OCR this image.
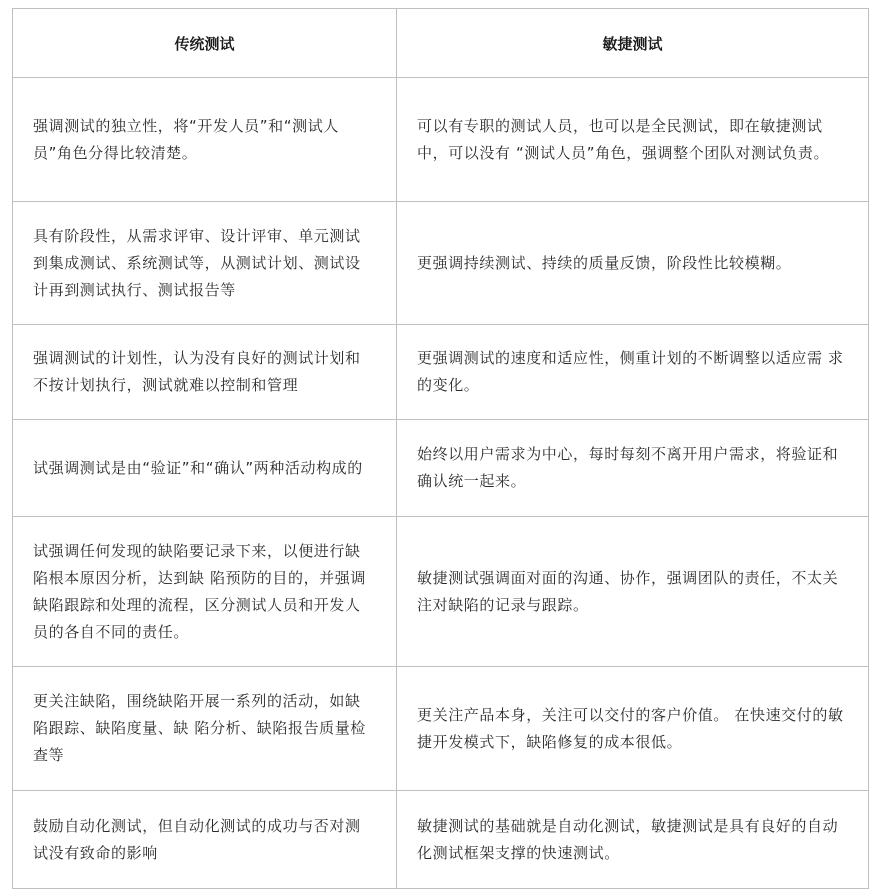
传统测试	敏捷测试
强调测试的独立性，将“开发人员”和“测试人员”角色分得比较清楚。	可以有专职的测试人员，也可以是全民测试，即在敏捷测试中，可以没有 “测试人员”角色，强调整个团队对测试负责。
具有阶段性，从需求评审、设计评审、单元测试到集成测试、系统测试等，从测试计划、测试设计再到测试执行、测试报告等	更强调持续测试、持续的质量反馈，阶段性比较模糊。
强调测试的计划性，认为没有良好的测试计划和不按计划执行，测试就难以控制和管理	更强调测试的速度和适应性，侧重计划的不断调整以适应需 求的变化。
试强调测试是由“验证”和“确认”两种活动构成的	始终以用户需求为中心，每时每刻不离开用户需求，将验证和确认统一起来。
试强调任何发现的缺陷要记录下来，以便进行缺陷根本原因分析，达到缺 陷预防的目的，并强调缺陷跟踪和处理的流程，区分测试人员和开发人员的各自不同的责任。	敏捷测试强调面对面的沟通、协作，强调团队的责任，不太关注对缺陷的记录与跟踪。
更关注缺陷，围绕缺陷开展一系列的活动，如缺陷跟踪、缺陷度量、缺 陷分析、缺陷报告质量检查等	更关注产品本身，关注可以交付的客户价值。 在快速交付的敏捷开发模式下，缺陷修复的成本很低。
鼓励自动化测试，但自动化测试的成功与否对测试没有致命的影响	敏捷测试的基础就是自动化测试，敏捷测试是具有良好的自动化测试框架支撑的快速测试。
